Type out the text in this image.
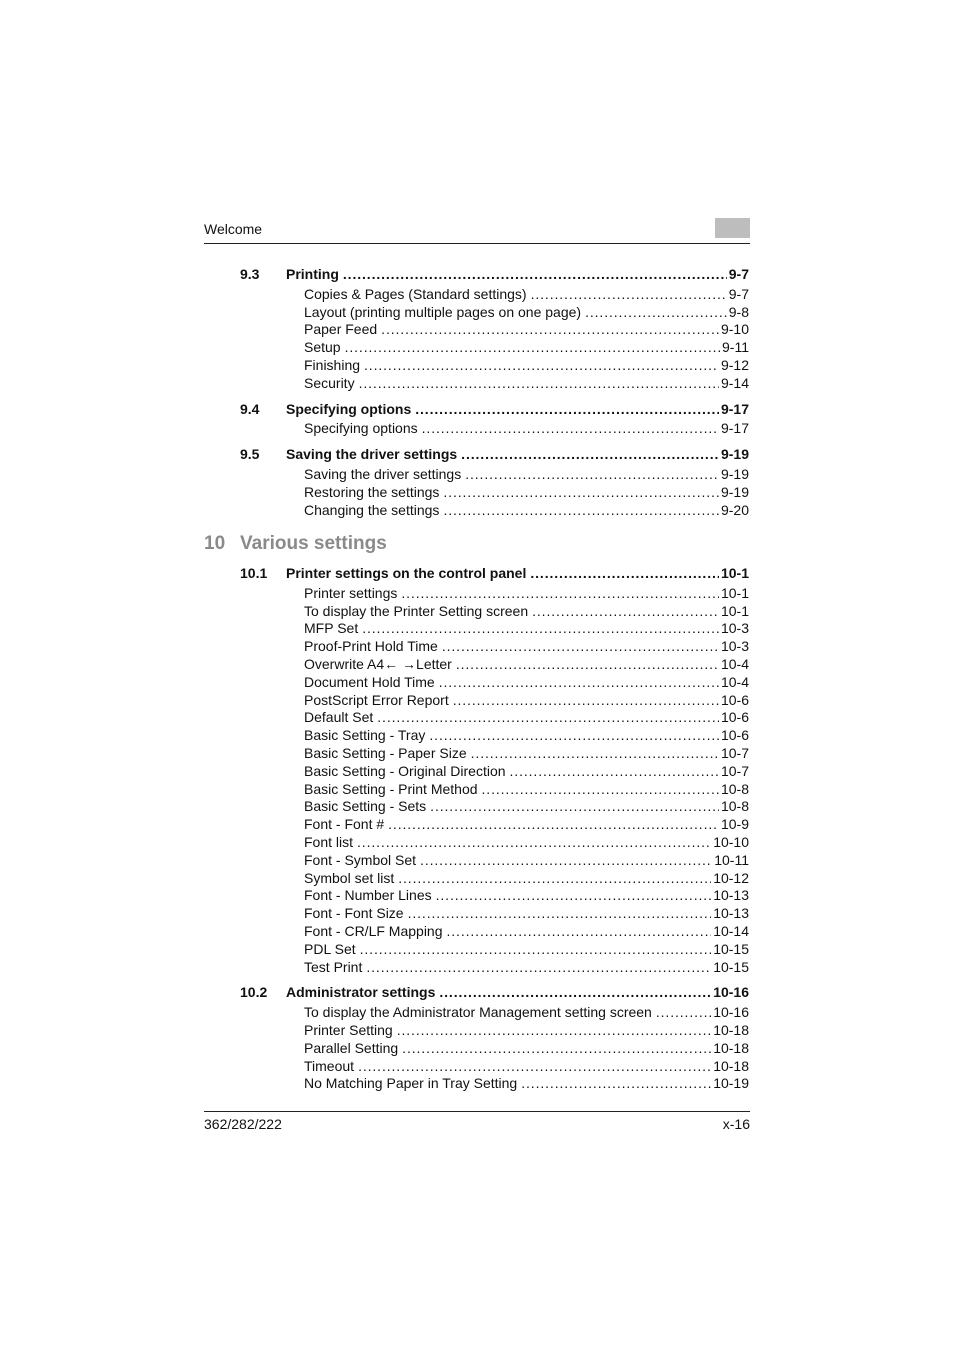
Welcome
9.3 Printing . . .	9-7
Copies & Pages (Standard settings) . . .	9-7
Layout (printing multiple pages on one page) . . .	9-8
Paper Feed . . .	9-10
Setup . . .	9-11
Finishing . . .	9-12
Security . . .	9-14
9.4 Specifying options . . .	9-17
Specifying options . . .	9-17
9.5 Saving the driver settings . . .	9-19
Saving the driver settings . . .	9-19
Restoring the settings . . .	9-19
Changing the settings . . .	9-20
10 Various settings
10.1 Printer settings on the control panel . . .	10-1
Printer settings . . .	10-1
To display the Printer Setting screen . . .	10-1
MFP Set . . .	10-3
Proof-Print Hold Time . . .	10-3
Overwrite A4← →Letter . . .	10-4
Document Hold Time . . .	10-4
PostScript Error Report . . .	10-6
Default Set . . .	10-6
Basic Setting - Tray . . .	10-6
Basic Setting - Paper Size . . .	10-7
Basic Setting - Original Direction . . .	10-7
Basic Setting - Print Method . . .	10-8
Basic Setting - Sets . . .	10-8
Font - Font # . . .	10-9
Font list . . .	10-10
Font - Symbol Set . . .	10-11
Symbol set list . . .	10-12
Font - Number Lines . . .	10-13
Font - Font Size . . .	10-13
Font - CR/LF Mapping . . .	10-14
PDL Set . . .	10-15
Test Print . . .	10-15
10.2 Administrator settings . . .	10-16
To display the Administrator Management setting screen . . .	10-16
Printer Setting . . .	10-18
Parallel Setting . . .	10-18
Timeout . . .	10-18
No Matching Paper in Tray Setting . . .	10-19
362/282/222	x-16
